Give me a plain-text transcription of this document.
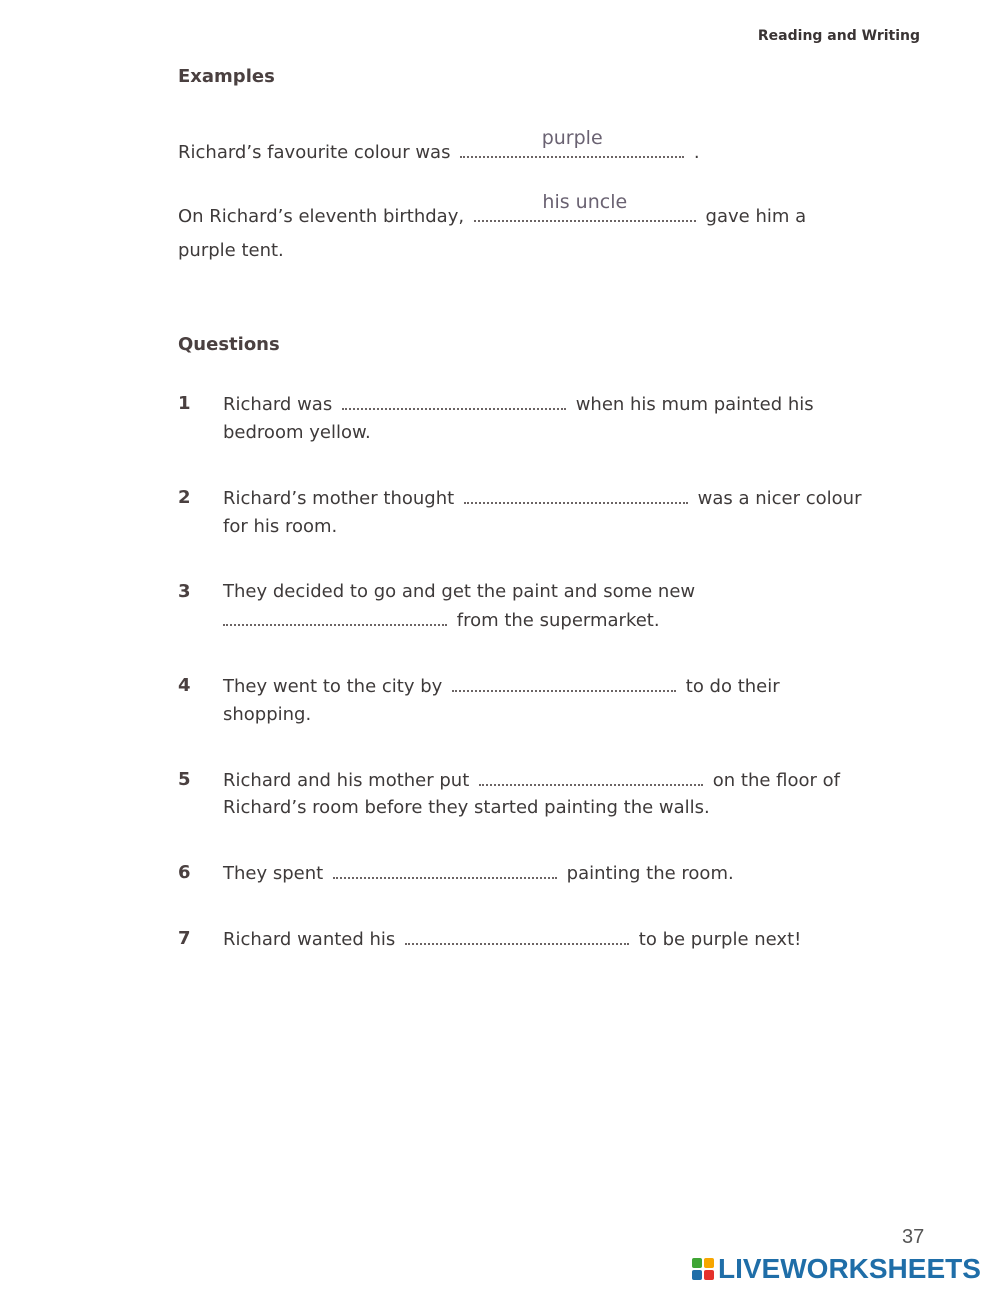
Reading and Writing
Examples
Richard’s favourite colour was
purple
.
On Richard’s eleventh birthday,
his uncle
gave him a
purple tent.
Questions
1 Richard was	when his mum painted his
bedroom yellow.
2 Richard’s mother thought	was a nicer colour
for his room.
3 They decided to go and get the paint and some new
from the supermarket.
4 They went to the city by	to do their
shopping.
5 Richard and his mother put	on the floor of
Richard’s room before they started painting the walls.
6 They spent	painting the room.
7 Richard wanted his	to be purple next!
37
LIVEWORKSHEETS
